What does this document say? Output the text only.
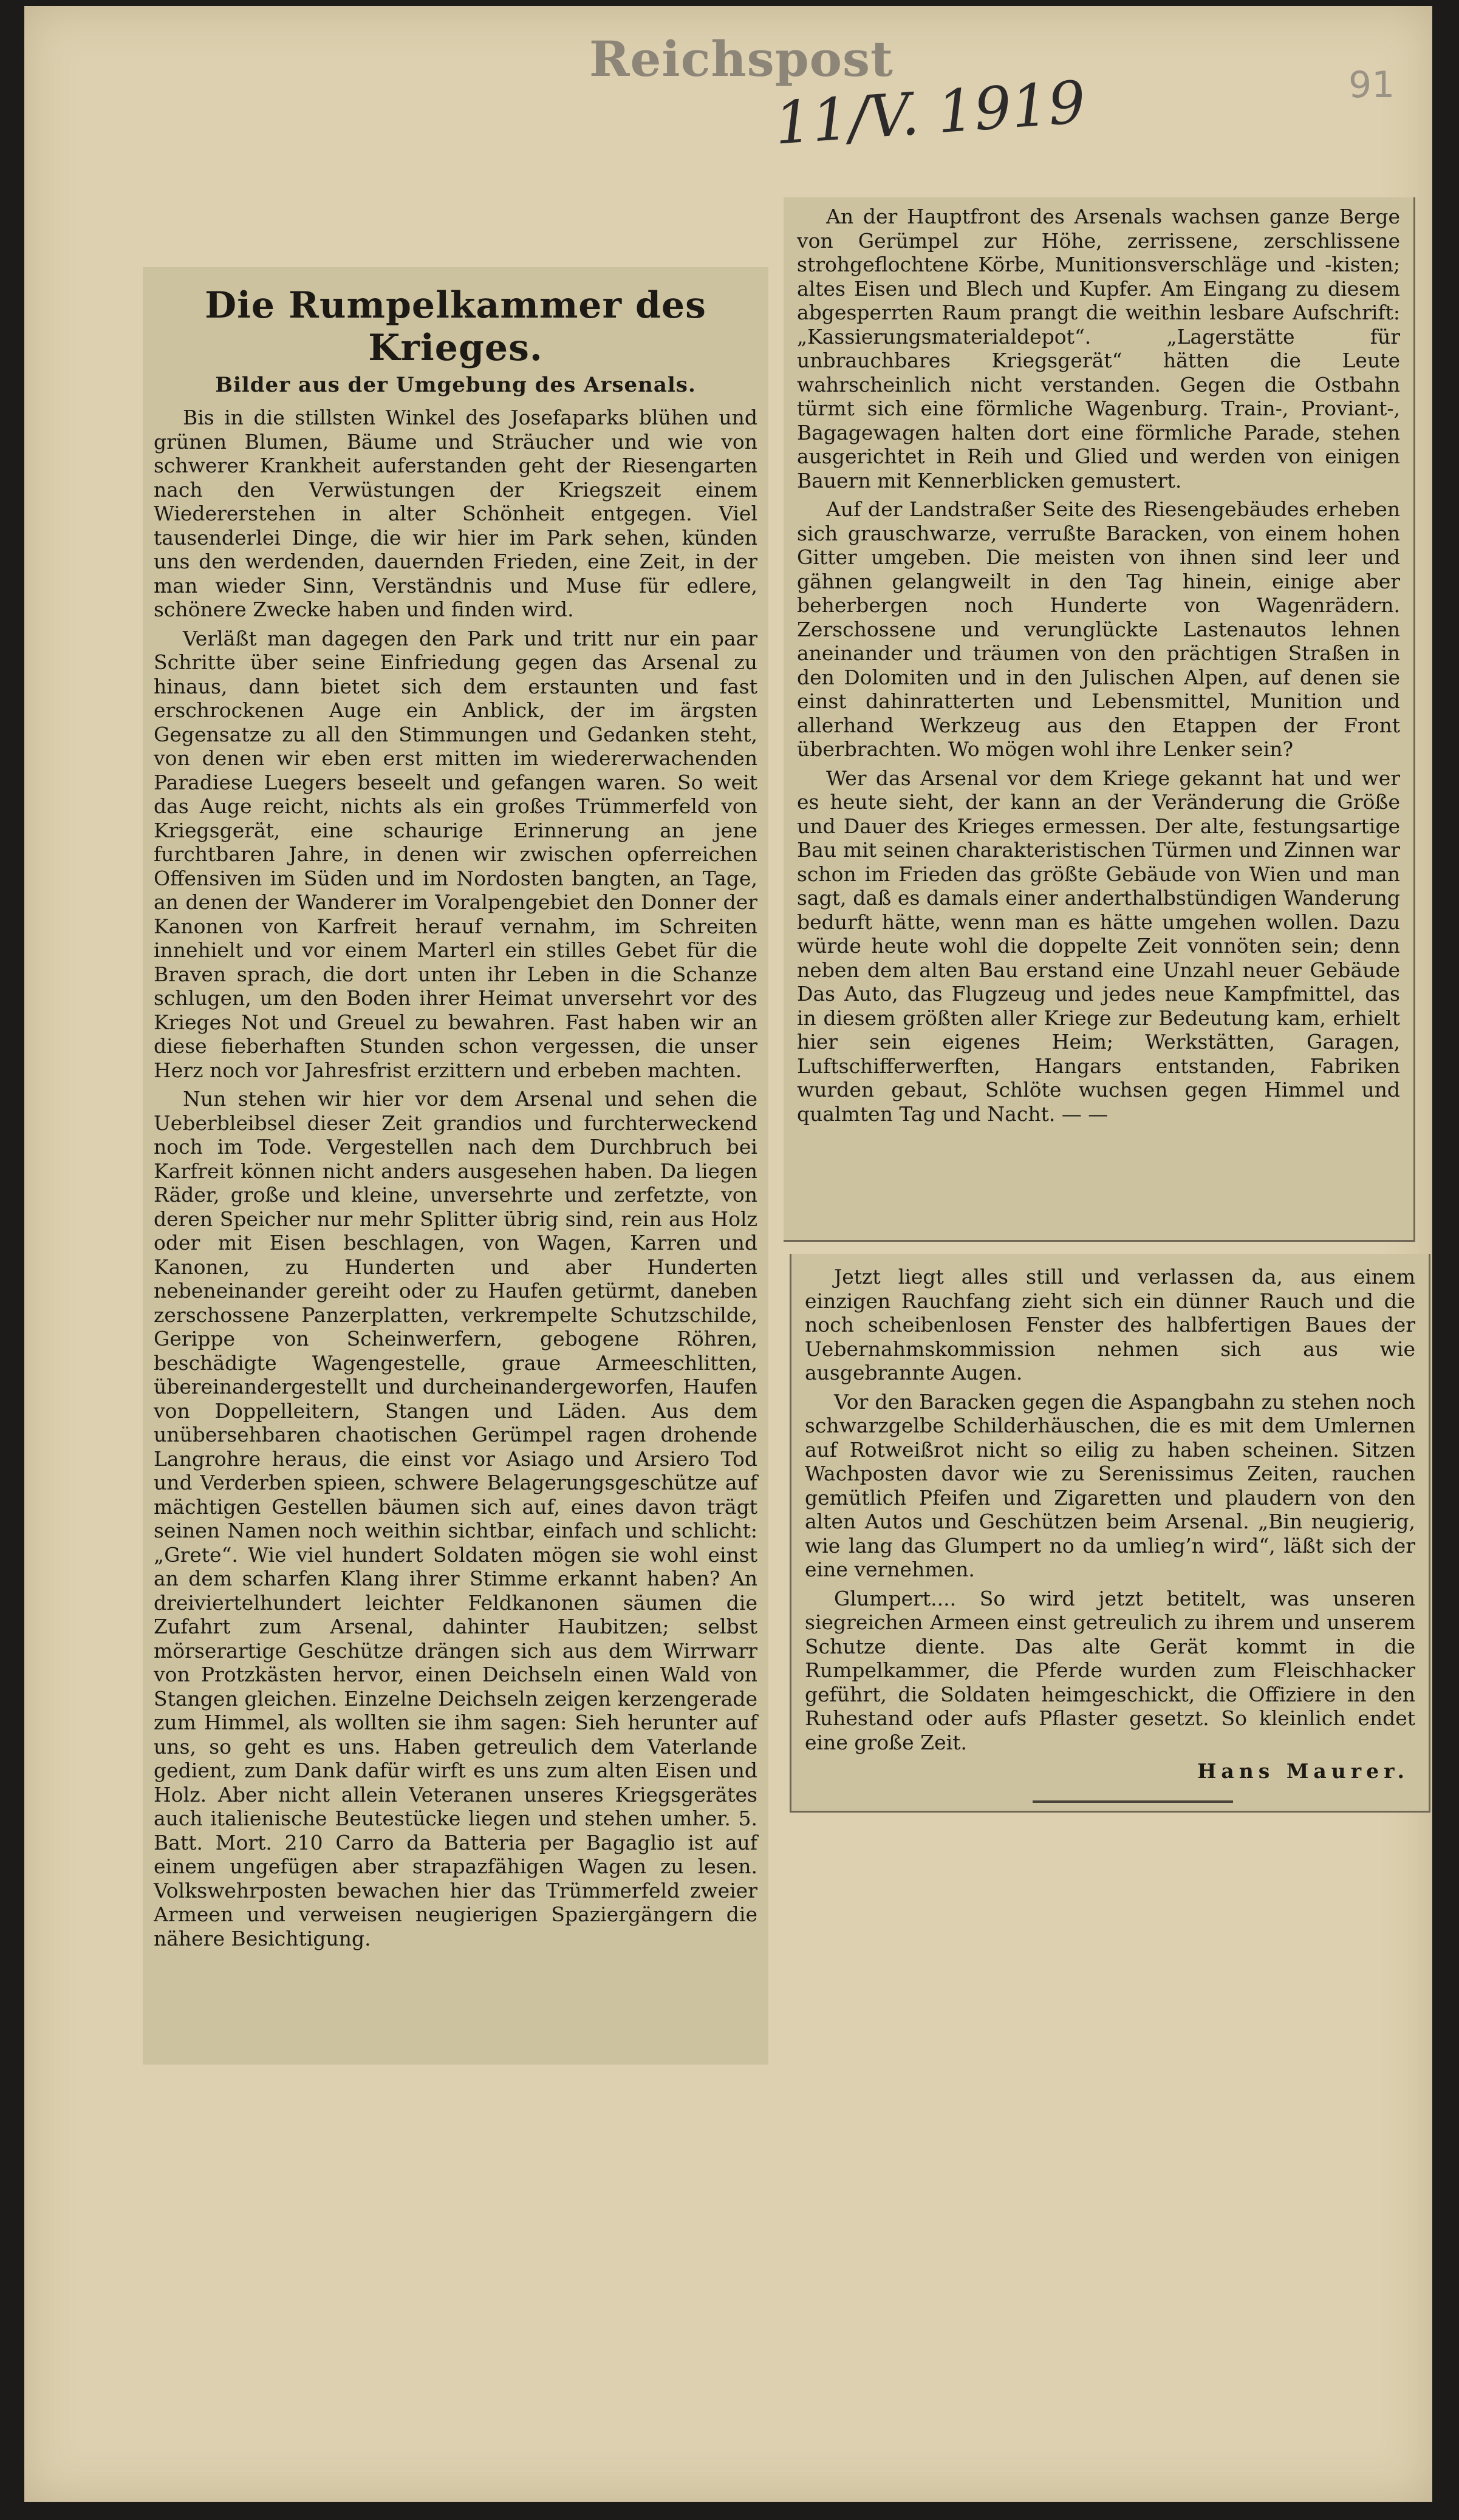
Reichspost
11/V. 1919	91
Die Rumpelkammer des Krieges.
Bilder aus der Umgebung des Arsenals.

Bis in die stillsten Winkel des Josefaparks blühen und grünen Blumen, Bäume und Sträucher und wie von schwerer Krankheit auferstanden geht der Riesengarten nach den Verwüstungen der Kriegszeit einem Wiedererstehen in alter Schönheit entgegen. Viel tausenderlei Dinge, die wir hier im Park sehen, künden uns den werdenden, dauernden Frieden, eine Zeit, in der man wieder Sinn, Verständnis und Muse für edlere, schönere Zwecke haben und finden wird.

Verläßt man dagegen den Park und tritt nur ein paar Schritte über seine Einfriedung gegen das Arsenal zu hinaus, dann bietet sich dem erstaunten und fast erschrockenen Auge ein Anblick, der im ärgsten Gegensatze zu all den Stimmungen und Gedanken steht, von denen wir eben erst mitten im wiedererwachenden Paradiese Luegers beseelt und gefangen waren. So weit das Auge reicht, nichts als ein großes Trümmerfeld von Kriegsgerät, eine schaurige Erinnerung an jene furchtbaren Jahre, in denen wir zwischen opferreichen Offensiven im Süden und im Nordosten bangten, an Tage, an denen der Wanderer im Voralpengebiet den Donner der Kanonen von Karfreit herauf vernahm, im Schreiten innehielt und vor einem Marterl ein stilles Gebet für die Braven sprach, die dort unten ihr Leben in die Schanze schlugen, um den Boden ihrer Heimat unversehrt vor des Krieges Not und Greuel zu bewahren. Fast haben wir an diese fieberhaften Stunden schon vergessen, die unser Herz noch vor Jahresfrist erzittern und erbeben machten.

Nun stehen wir hier vor dem Arsenal und sehen die Ueberbleibsel dieser Zeit grandios und furchterweckend noch im Tode. Vergestellen nach dem Durchbruch bei Karfreit können nicht anders ausgesehen haben. Da liegen Räder, große und kleine, unversehrte und zerfetzte, von deren Speicher nur mehr Splitter übrig sind, rein aus Holz oder mit Eisen beschlagen, von Wagen, Karren und Kanonen, zu Hunderten und aber Hunderten nebeneinander gereiht oder zu Haufen getürmt, daneben zerschossene Panzerplatten, verkrempelte Schutzschilde, Gerippe von Scheinwerfern, gebogene Röhren, beschädigte Wagengestelle, graue Armeeschlitten, übereinandergestellt und durcheinandergeworfen, Haufen von Doppelleitern, Stangen und Läden. Aus dem unübersehbaren chaotischen Gerümpel ragen drohende Langrohre heraus, die einst vor Asiago und Arsiero Tod und Verderben spieen, schwere Belagerungsgeschütze auf mächtigen Gestellen bäumen sich auf, eines davon trägt seinen Namen noch weithin sichtbar, einfach und schlicht: „Grete“. Wie viel hundert Soldaten mögen sie wohl einst an dem scharfen Klang ihrer Stimme erkannt haben? An dreiviertelhundert leichter Feldkanonen säumen die Zufahrt zum Arsenal, dahinter Haubitzen; selbst mörserartige Geschütze drängen sich aus dem Wirrwarr von Protzkästen hervor, einen Deichseln einen Wald von Stangen gleichen. Einzelne Deichseln zeigen kerzengerade zum Himmel, als wollten sie ihm sagen: Sieh herunter auf uns, so geht es uns. Haben getreulich dem Vaterlande gedient, zum Dank dafür wirft es uns zum alten Eisen und Holz. Aber nicht allein Veteranen unseres Kriegsgerätes auch italienische Beutestücke liegen und stehen umher. 5. Batt. Mort. 210 Carro da Batteria per Bagaglio ist auf einem ungefügen aber strapazfähigen Wagen zu lesen. Volkswehrposten bewachen hier das Trümmerfeld zweier Armeen und verweisen neugierigen Spaziergängern die nähere Besichtigung.

An der Hauptfront des Arsenals wachsen ganze Berge von Gerümpel zur Höhe, zerrissene, zerschlissene strohgeflochtene Körbe, Munitionsverschläge und -kisten; altes Eisen und Blech und Kupfer. Am Eingang zu diesem abgesperrten Raum prangt die weithin lesbare Aufschrift: „Kassierungsmaterialdepot“. „Lagerstätte für unbrauchbares Kriegsgerät“ hätten die Leute wahrscheinlich nicht verstanden. Gegen die Ostbahn türmt sich eine förmliche Wagenburg. Train-, Proviant-, Bagagewagen halten dort eine förmliche Parade, stehen ausgerichtet in Reih und Glied und werden von einigen Bauern mit Kennerblicken gemustert.

Auf der Landstraßer Seite des Riesengebäudes erheben sich grauschwarze, verrußte Baracken, von einem hohen Gitter umgeben. Die meisten von ihnen sind leer und gähnen gelangweilt in den Tag hinein, einige aber beherbergen noch Hunderte von Wagenrädern. Zerschossene und verunglückte Lastenautos lehnen aneinander und träumen von den prächtigen Straßen in den Dolomiten und in den Julischen Alpen, auf denen sie einst dahinratterten und Lebensmittel, Munition und allerhand Werkzeug aus den Etappen der Front überbrachten. Wo mögen wohl ihre Lenker sein?

Wer das Arsenal vor dem Kriege gekannt hat und wer es heute sieht, der kann an der Veränderung die Größe und Dauer des Krieges ermessen. Der alte, festungsartige Bau mit seinen charakteristischen Türmen und Zinnen war schon im Frieden das größte Gebäude von Wien und man sagt, daß es damals einer anderthalbstündigen Wanderung bedurft hätte, wenn man es hätte umgehen wollen. Dazu würde heute wohl die doppelte Zeit vonnöten sein; denn neben dem alten Bau erstand eine Unzahl neuer Gebäude Das Auto, das Flugzeug und jedes neue Kampfmittel, das in diesem größten aller Kriege zur Bedeutung kam, erhielt hier sein eigenes Heim; Werkstätten, Garagen, Luftschifferwerften, Hangars entstanden, Fabriken wurden gebaut, Schlöte wuchsen gegen Himmel und qualmten Tag und Nacht. — —

Jetzt liegt alles still und verlassen da, aus einem einzigen Rauchfang zieht sich ein dünner Rauch und die noch scheibenlosen Fenster des halbfertigen Baues der Uebernahmskommission nehmen sich aus wie ausgebrannte Augen.

Vor den Baracken gegen die Aspangbahn zu stehen noch schwarzgelbe Schilderhäuschen, die es mit dem Umlernen auf Rotweißrot nicht so eilig zu haben scheinen. Sitzen Wachposten davor wie zu Serenissimus Zeiten, rauchen gemütlich Pfeifen und Zigaretten und plaudern von den alten Autos und Geschützen beim Arsenal. „Bin neugierig, wie lang das Glumpert no da umlieg’n wird“, läßt sich der eine vernehmen.

Glumpert.... So wird jetzt betitelt, was unseren siegreichen Armeen einst getreulich zu ihrem und unserem Schutze diente. Das alte Gerät kommt in die Rumpelkammer, die Pferde wurden zum Fleischhacker geführt, die Soldaten heimgeschickt, die Offiziere in den Ruhestand oder aufs Pflaster gesetzt. So kleinlich endet eine große Zeit.

Hans Maurer.
